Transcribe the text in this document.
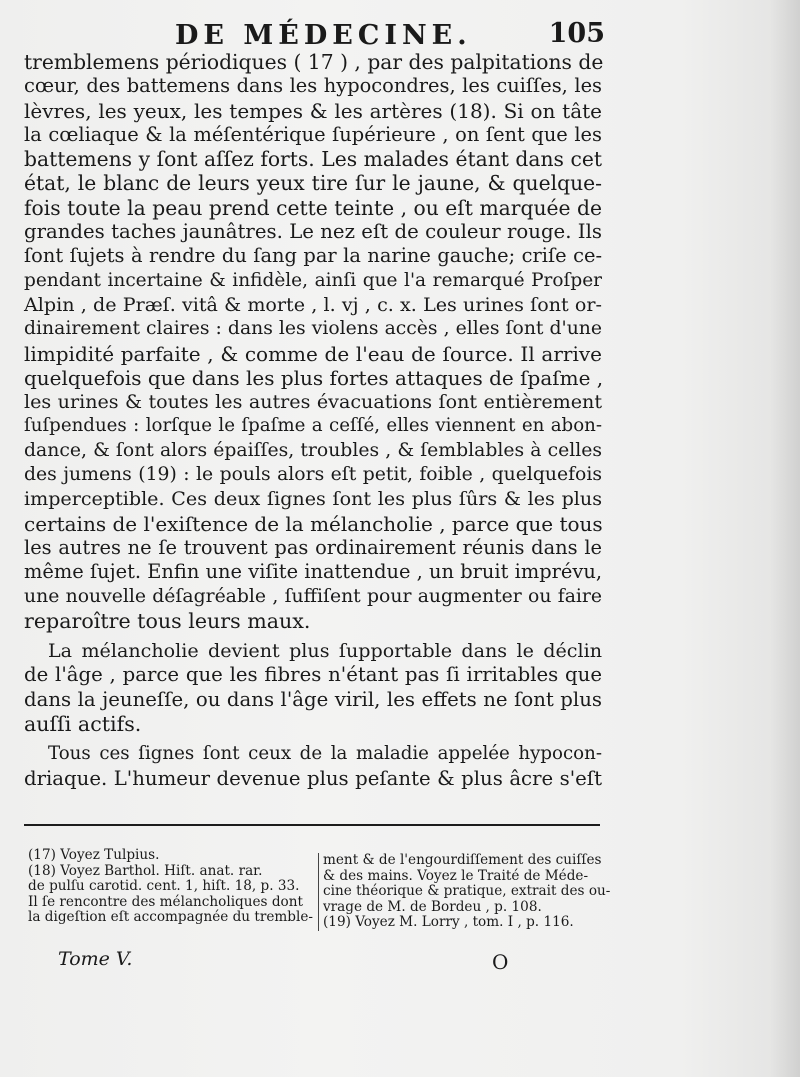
DE MÉDECINE.	105
tremblemens périodiques ( 17 ) , par des palpitations de
cœur, des battemens dans les hypocondres, les cuiſſes, les
lèvres, les yeux, les tempes & les artères (18). Si on tâte
la cœliaque & la méſentérique ſupérieure , on ſent que les
battemens y ſont aſſez forts. Les malades étant dans cet
état, le blanc de leurs yeux tire ſur le jaune, & quelque-
fois toute la peau prend cette teinte , ou eſt marquée de
grandes taches jaunâtres. Le nez eſt de couleur rouge. Ils
ſont ſujets à rendre du ſang par la narine gauche; criſe ce-
pendant incertaine & infidèle, ainſi que l'a remarqué Proſper
Alpin , de Præſ. vitâ & morte , l. vj , c. x. Les urines ſont or-
dinairement claires : dans les violens accès , elles ſont d'une
limpidité parfaite , & comme de l'eau de ſource. Il arrive
quelquefois que dans les plus fortes attaques de ſpaſme ,
les urines & toutes les autres évacuations ſont entièrement
ſuſpendues : lorſque le ſpaſme a ceſſé, elles viennent en abon-
dance, & ſont alors épaiſſes, troubles , & ſemblables à celles
des jumens (19) : le pouls alors eſt petit, foible , quelquefois
imperceptible. Ces deux ſignes ſont les plus ſûrs & les plus
certains de l'exiſtence de la mélancholie , parce que tous
les autres ne ſe trouvent pas ordinairement réunis dans le
même ſujet. Enfin une viſite inattendue , un bruit imprévu,
une nouvelle déſagréable , ſuffiſent pour augmenter ou faire
reparoître tous leurs maux.
La mélancholie devient plus ſupportable dans le déclin
de l'âge , parce que les fibres n'étant pas ſi irritables que
dans la jeuneſſe, ou dans l'âge viril, les effets ne ſont plus
auſſi actifs.
Tous ces ſignes ſont ceux de la maladie appelée hypocon-
driaque. L'humeur devenue plus peſante & plus âcre s'eſt
(17) Voyez Tulpius.
(18) Voyez Barthol. Hiſt. anat. rar.
de pulſu carotid. cent. 1, hiſt. 18, p. 33.
Il ſe rencontre des mélancholiques dont
la digeſtion eſt accompagnée du tremble-
ment & de l'engourdiſſement des cuiſſes
& des mains. Voyez le Traité de Méde-
cine théorique & pratique, extrait des ou-
vrage de M. de Bordeu , p. 108.
(19) Voyez M. Lorry , tom. I , p. 116.
Tome V.	O
